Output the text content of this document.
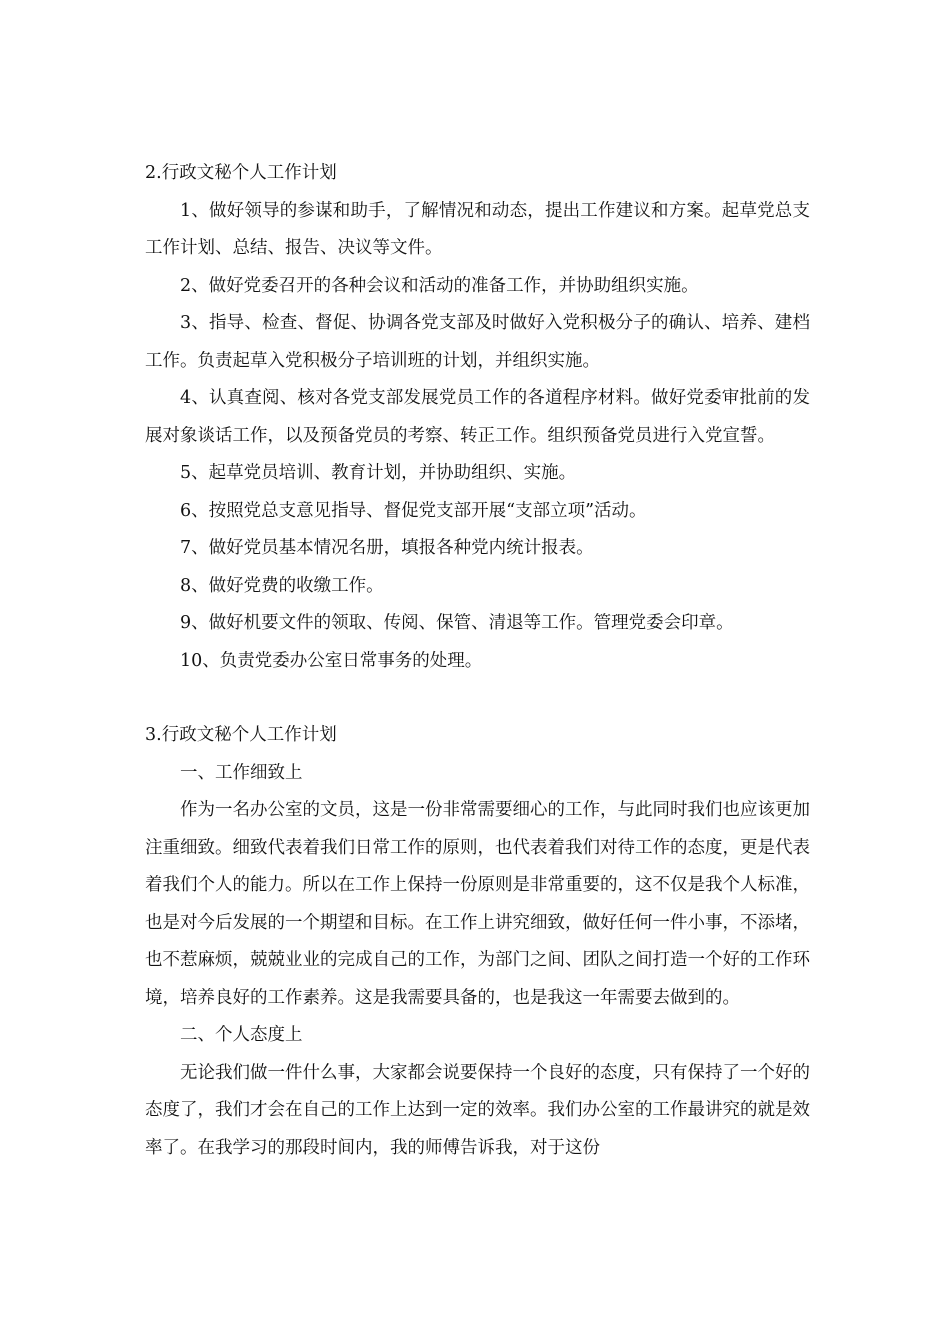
2.行政文秘个人工作计划

1、做好领导的参谋和助手，了解情况和动态，提出工作建议和方案。起草党总支工作计划、总结、报告、决议等文件。

2、做好党委召开的各种会议和活动的准备工作，并协助组织实施。

3、指导、检查、督促、协调各党支部及时做好入党积极分子的确认、培养、建档工作。负责起草入党积极分子培训班的计划，并组织实施。

4、认真查阅、核对各党支部发展党员工作的各道程序材料。做好党委审批前的发展对象谈话工作，以及预备党员的考察、转正工作。组织预备党员进行入党宣誓。

5、起草党员培训、教育计划，并协助组织、实施。

6、按照党总支意见指导、督促党支部开展“支部立项”活动。

7、做好党员基本情况名册，填报各种党内统计报表。

8、做好党费的收缴工作。

9、做好机要文件的领取、传阅、保管、清退等工作。管理党委会印章。

10、负责党委办公室日常事务的处理。

3.行政文秘个人工作计划

一、工作细致上

作为一名办公室的文员，这是一份非常需要细心的工作，与此同时我们也应该更加注重细致。细致代表着我们日常工作的原则，也代表着我们对待工作的态度，更是代表着我们个人的能力。所以在工作上保持一份原则是非常重要的，这不仅是我个人标准，也是对今后发展的一个期望和目标。在工作上讲究细致，做好任何一件小事，不添堵，也不惹麻烦，兢兢业业的完成自己的工作，为部门之间、团队之间打造一个好的工作环境，培养良好的工作素养。这是我需要具备的，也是我这一年需要去做到的。

二、个人态度上

无论我们做一件什么事，大家都会说要保持一个良好的态度，只有保持了一个好的态度了，我们才会在自己的工作上达到一定的效率。我们办公室的工作最讲究的就是效率了。在我学习的那段时间内，我的师傅告诉我，对于这份
